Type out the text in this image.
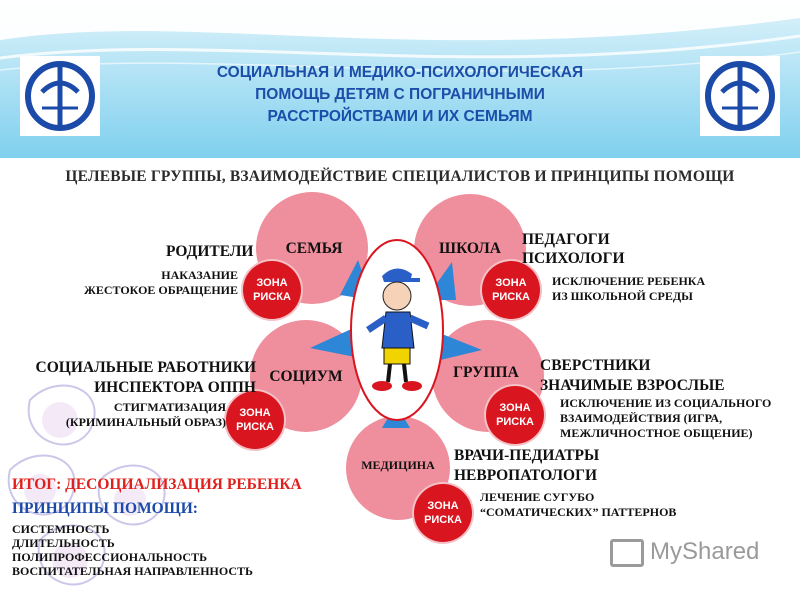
СОЦИАЛЬНАЯ И МЕДИКО-ПСИХОЛОГИЧЕСКАЯ
ПОМОЩЬ ДЕТЯМ С ПОГРАНИЧНЫМИ
РАССТРОЙСТВАМИ И ИХ СЕМЬЯМ
ЦЕЛЕВЫЕ ГРУППЫ, ВЗАИМОДЕЙСТВИЕ СПЕЦИАЛИСТОВ И ПРИНЦИПЫ ПОМОЩИ
СЕМЬЯ	ШКОЛА
СОЦИУМ	ГРУППА
МЕДИЦИНА
ЗОНА
РИСКА
ЗОНА
РИСКА
ЗОНА
РИСКА
ЗОНА
РИСКА
ЗОНА
РИСКА
РОДИТЕЛИ
НАКАЗАНИЕ
ЖЕСТОКОЕ ОБРАЩЕНИЕ
ПЕДАГОГИ
ПСИХОЛОГИ
ИСКЛЮЧЕНИЕ РЕБЕНКА
ИЗ ШКОЛЬНОЙ СРЕДЫ
СОЦИАЛЬНЫЕ РАБОТНИКИ
ИНСПЕКТОРА ОППН
СТИГМАТИЗАЦИЯ
(КРИМИНАЛЬНЫЙ ОБРАЗ)
СВЕРСТНИКИ
ЗНАЧИМЫЕ ВЗРОСЛЫЕ
ИСКЛЮЧЕНИЕ ИЗ СОЦИАЛЬНОГО
ВЗАИМОДЕЙСТВИЯ (ИГРА,
МЕЖЛИЧНОСТНОЕ ОБЩЕНИЕ)
ВРАЧИ-ПЕДИАТРЫ
НЕВРОПАТОЛОГИ
ЛЕЧЕНИЕ СУГУБО
“СОМАТИЧЕСКИХ” ПАТТЕРНОВ
ИТОГ: ДЕСОЦИАЛИЗАЦИЯ РЕБЕНКА
ПРИНЦИПЫ ПОМОЩИ:
СИСТЕМНОСТЬ
ДЛИТЕЛЬНОСТЬ
ПОЛИПРОФЕССИОНАЛЬНОСТЬ
ВОСПИТАТЕЛЬНАЯ НАПРАВЛЕННОСТЬ
MyShared
